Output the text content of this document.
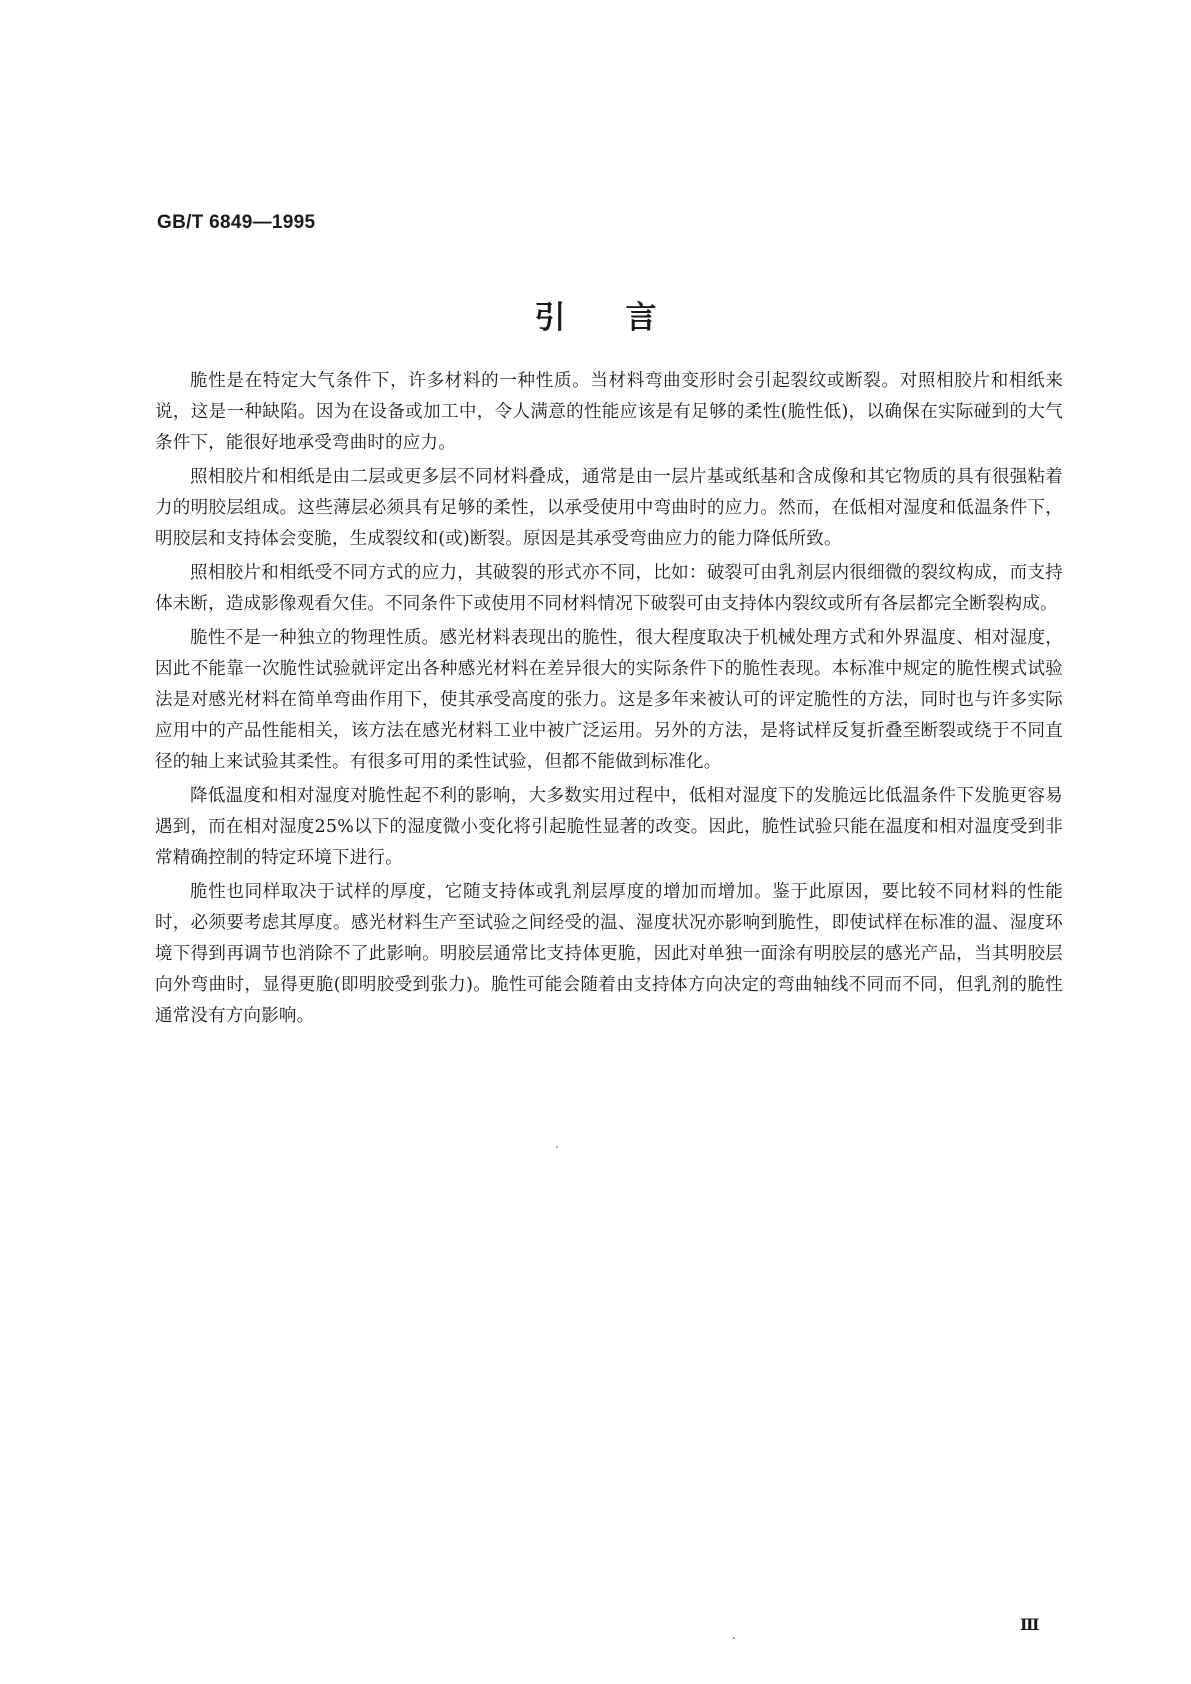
GB/T 6849—1995
引言

脆性是在特定大气条件下，许多材料的一种性质。当材料弯曲变形时会引起裂纹或断裂。对照相胶片和相纸来说，这是一种缺陷。因为在设备或加工中，令人满意的性能应该是有足够的柔性(脆性低)，以确保在实际碰到的大气条件下，能很好地承受弯曲时的应力。

照相胶片和相纸是由二层或更多层不同材料叠成，通常是由一层片基或纸基和含成像和其它物质的具有很强粘着力的明胶层组成。这些薄层必须具有足够的柔性，以承受使用中弯曲时的应力。然而，在低相对湿度和低温条件下，明胶层和支持体会变脆，生成裂纹和(或)断裂。原因是其承受弯曲应力的能力降低所致。

照相胶片和相纸受不同方式的应力，其破裂的形式亦不同，比如：破裂可由乳剂层内很细微的裂纹构成，而支持体未断，造成影像观看欠佳。不同条件下或使用不同材料情况下破裂可由支持体内裂纹或所有各层都完全断裂构成。

脆性不是一种独立的物理性质。感光材料表现出的脆性，很大程度取决于机械处理方式和外界温度、相对湿度，因此不能靠一次脆性试验就评定出各种感光材料在差异很大的实际条件下的脆性表现。本标准中规定的脆性楔式试验法是对感光材料在简单弯曲作用下，使其承受高度的张力。这是多年来被认可的评定脆性的方法，同时也与许多实际应用中的产品性能相关，该方法在感光材料工业中被广泛运用。另外的方法，是将试样反复折叠至断裂或绕于不同直径的轴上来试验其柔性。有很多可用的柔性试验，但都不能做到标准化。

降低温度和相对湿度对脆性起不利的影响，大多数实用过程中，低相对湿度下的发脆远比低温条件下发脆更容易遇到，而在相对湿度25%以下的湿度微小变化将引起脆性显著的改变。因此，脆性试验只能在温度和相对温度受到非常精确控制的特定环境下进行。

脆性也同样取决于试样的厚度，它随支持体或乳剂层厚度的增加而增加。鉴于此原因，要比较不同材料的性能时，必须要考虑其厚度。感光材料生产至试验之间经受的温、湿度状况亦影响到脆性，即使试样在标准的温、湿度环境下得到再调节也消除不了此影响。明胶层通常比支持体更脆，因此对单独一面涂有明胶层的感光产品，当其明胶层向外弯曲时，显得更脆(即明胶受到张力)。脆性可能会随着由支持体方向决定的弯曲轴线不同而不同，但乳剂的脆性通常没有方向影响。

Ⅲ
